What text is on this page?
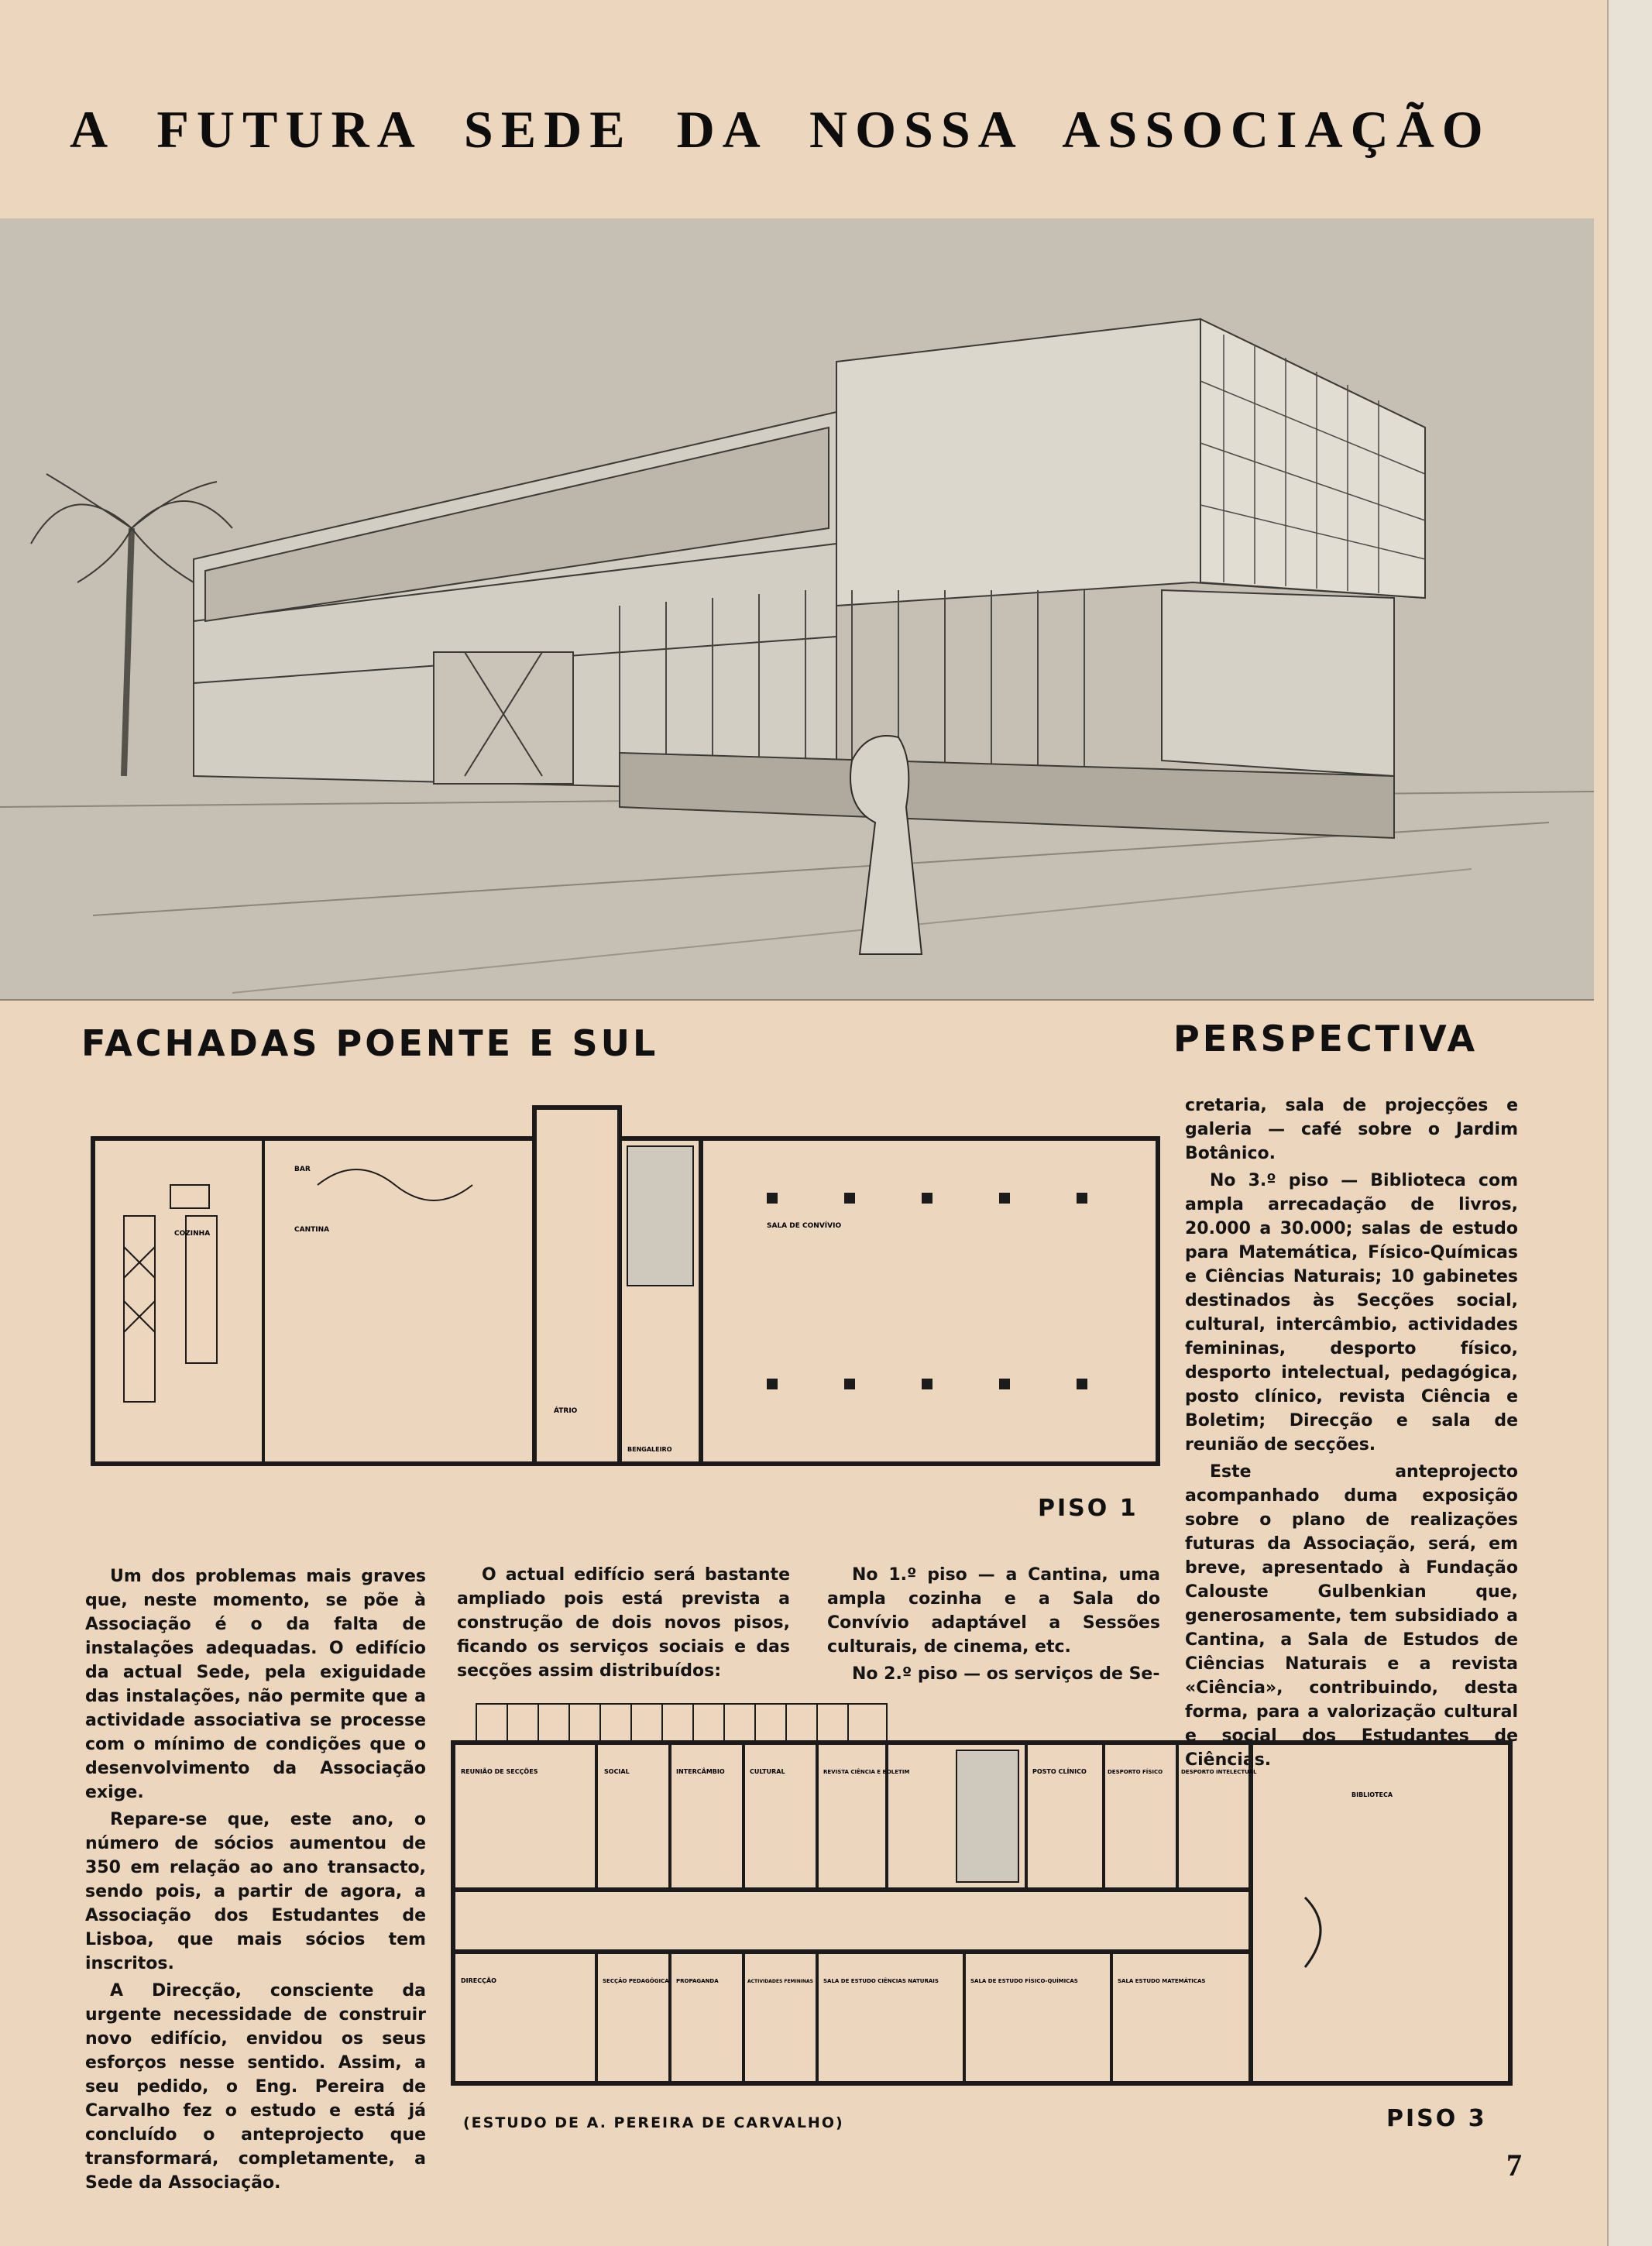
A FUTURA SEDE DA NOSSA ASSOCIAÇÃO
FACHADAS POENTE E SUL	PERSPECTIVA
BAR
COZINHA	CANTINA	SALA DE CONVÍVIO
ÁTRIO
BENGALEIRO
PISO 1

Um dos problemas mais graves que, neste momento, se põe à Associação é o da falta de instalações adequadas. O edifício da actual Sede, pela exiguidade das instalações, não permite que a actividade associativa se processe com o mínimo de condições que o desenvolvimento da Associação exige.

Repare-se que, este ano, o número de sócios aumentou de 350 em relação ao ano transacto, sendo pois, a partir de agora, a Associação dos Estudantes de Lisboa, que mais sócios tem inscritos.

A Direcção, consciente da urgente necessidade de construir novo edifício, envidou os seus esforços nesse sentido. Assim, a seu pedido, o Eng. Pereira de Carvalho fez o estudo e está já concluído o anteprojecto que transformará, completamente, a Sede da Associação.

O actual edifício será bastante ampliado pois está prevista a construção de dois novos pisos, ficando os serviços sociais e das secções assim distribuídos:

No 1.º piso — a Cantina, uma ampla cozinha e a Sala do Convívio adaptável a Sessões culturais, de cinema, etc.

No 2.º piso — os serviços de Se-

cretaria, sala de projecções e galeria — café sobre o Jardim Botânico.

No 3.º piso — Biblioteca com ampla arrecadação de livros, 20.000 a 30.000; salas de estudo para Matemática, Físico-Químicas e Ciências Naturais; 10 gabinetes destinados às Secções social, cultural, intercâmbio, actividades femininas, desporto físico, desporto intelectual, pedagógica, posto clínico, revista Ciência e Boletim; Direcção e sala de reunião de secções.

Este anteprojecto acompanhado duma exposição sobre o plano de realizações futuras da Associação, será, em breve, apresentado à Fundação Calouste Gulbenkian que, generosamente, tem subsidiado a Cantina, a Sala de Estudos de Ciências Naturais e a revista «Ciência», contribuindo, desta forma, para a valorização cultural e social dos Estudantes de Ciências.

REUNIÃO DE SECÇÕES	SOCIAL	INTERCÂMBIO	CULTURAL	REVISTA CIÊNCIA E BOLETIM	POSTO CLÍNICO	DESPORTO FÍSICO	DESPORTO INTELECTUAL
BIBLIOTECA
DIRECÇÃO	SECÇÃO PEDAGÓGICA PROPAGANDA	ACTIVIDADES FEMININAS SALA DE ESTUDO CIÊNCIAS NATURAIS	SALA DE ESTUDO FÍSICO-QUÍMICAS	SALA ESTUDO MATEMÁTICAS
(ESTUDO DE A. PEREIRA DE CARVALHO)	PISO 3
7
